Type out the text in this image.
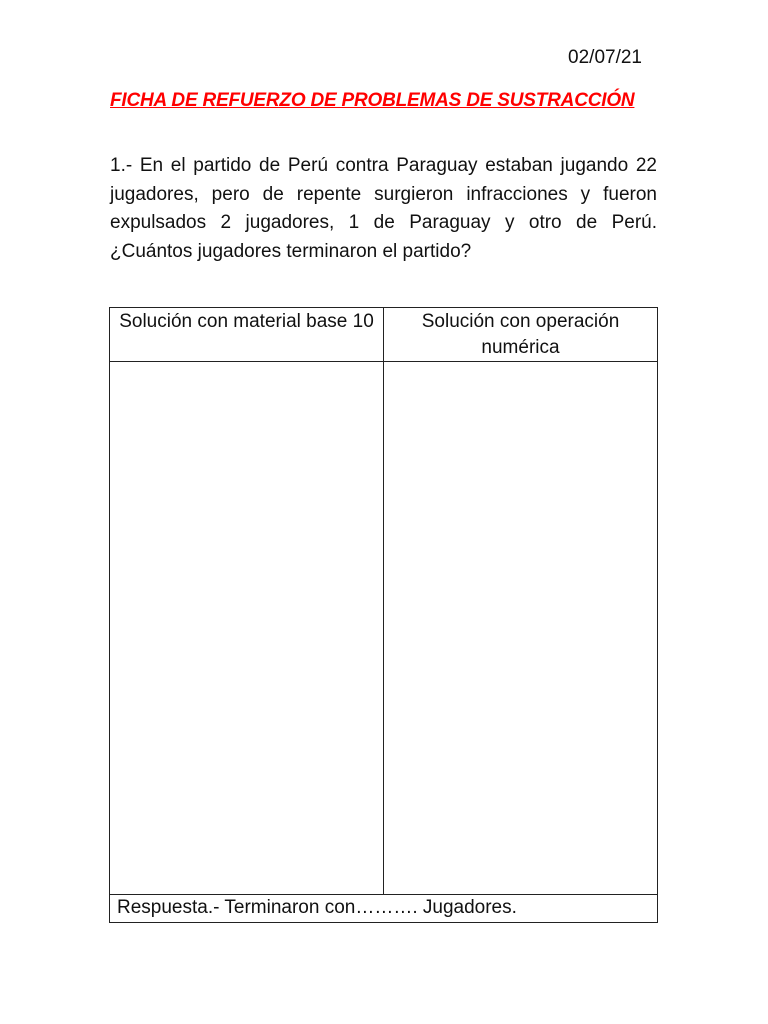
02/07/21
FICHA DE REFUERZO DE PROBLEMAS DE SUSTRACCIÓN

1.- En el partido de Perú contra Paraguay estaban jugando 22 jugadores, pero de repente surgieron infracciones y fueron expulsados 2 jugadores, 1 de Paraguay y otro de Perú. ¿Cuántos jugadores terminaron el partido?

Solución con material base 10	Solución con operación numérica

Respuesta.- Terminaron con………. Jugadores.	
